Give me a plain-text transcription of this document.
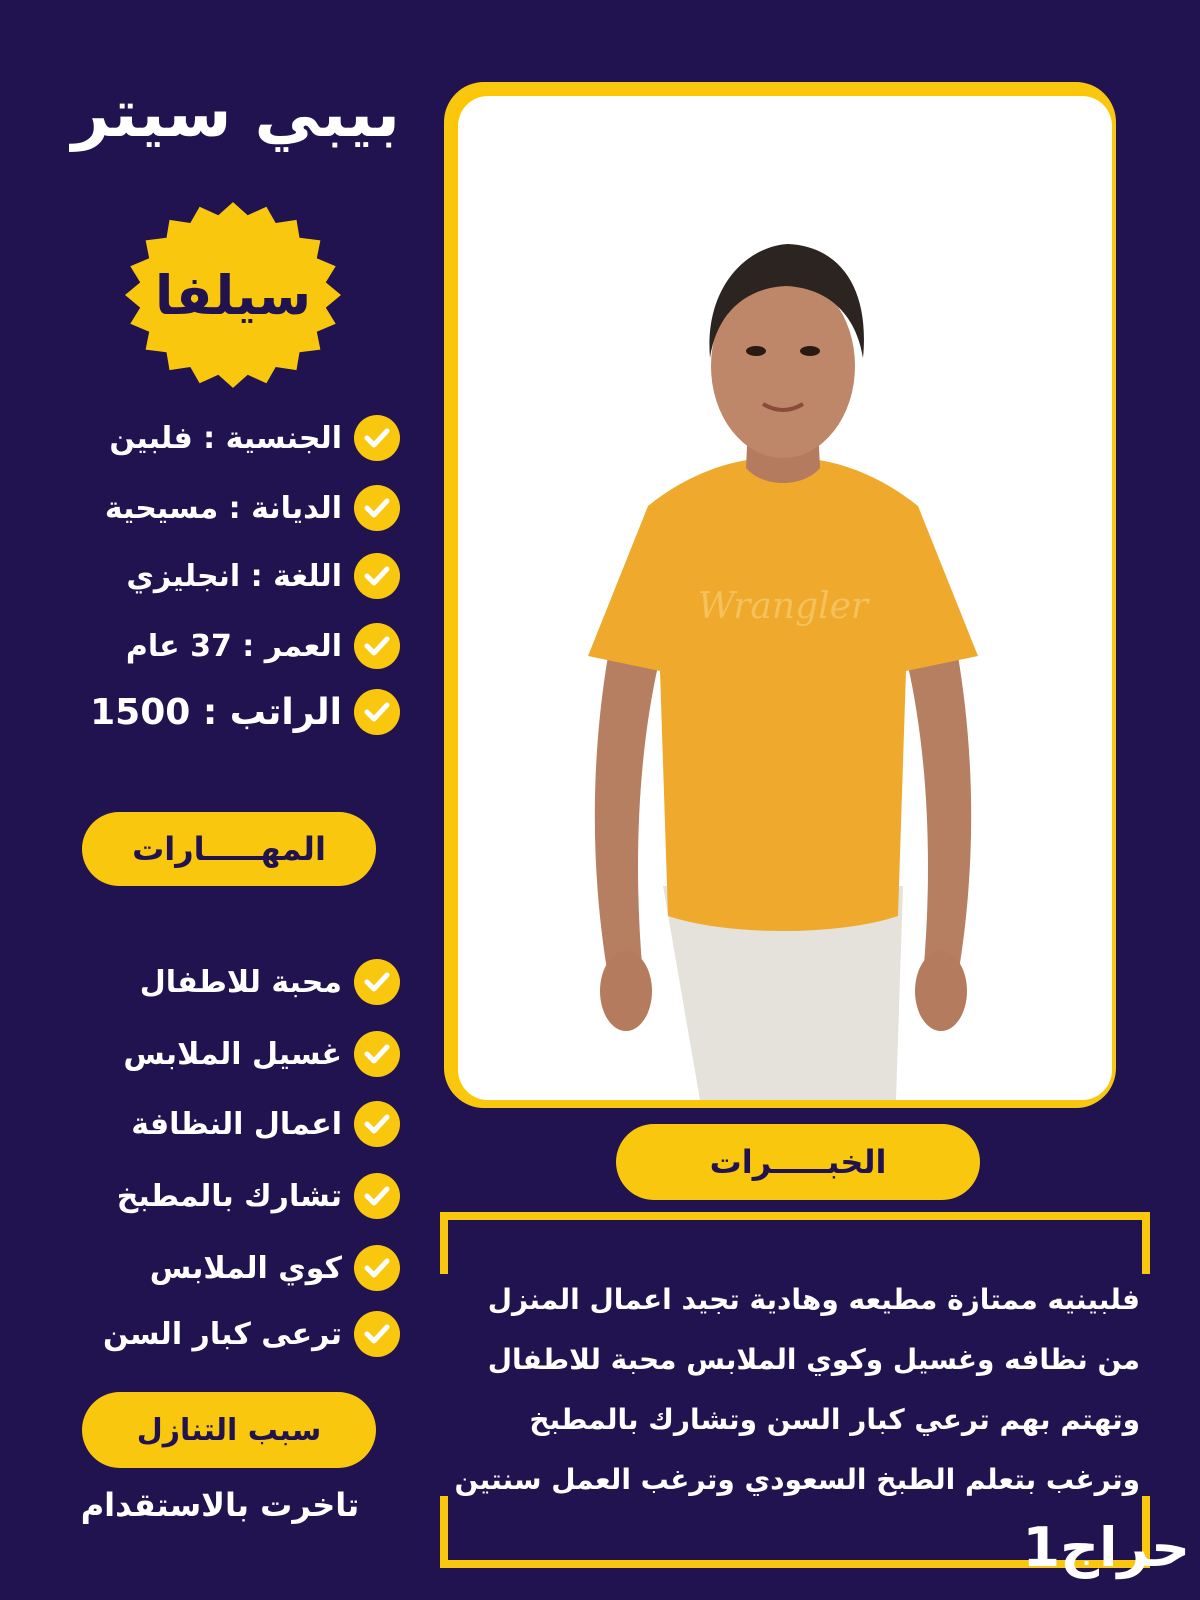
بيبي سيتر
سيلفا
الجنسية : فلبين
الديانة : مسيحية
اللغة : انجليزي
العمر : 37 عام
الراتب : 1500
المهـــــارات
محبة للاطفال
غسيل الملابس
اعمال النظافة
تشارك بالمطبخ
كوي الملابس
ترعى كبار السن
سبب التنازل
تاخرت بالاستقدام
Wrangler
الخبـــــرات
فلبينيه ممتازة مطيعه وهادية تجيد اعمال المنزل
من نظافه وغسيل وكوي الملابس محبة للاطفال
وتهتم بهم ترعي كبار السن وتشارك بالمطبخ
وترغب بتعلم الطبخ السعودي وترغب العمل سنتين
حراج1
